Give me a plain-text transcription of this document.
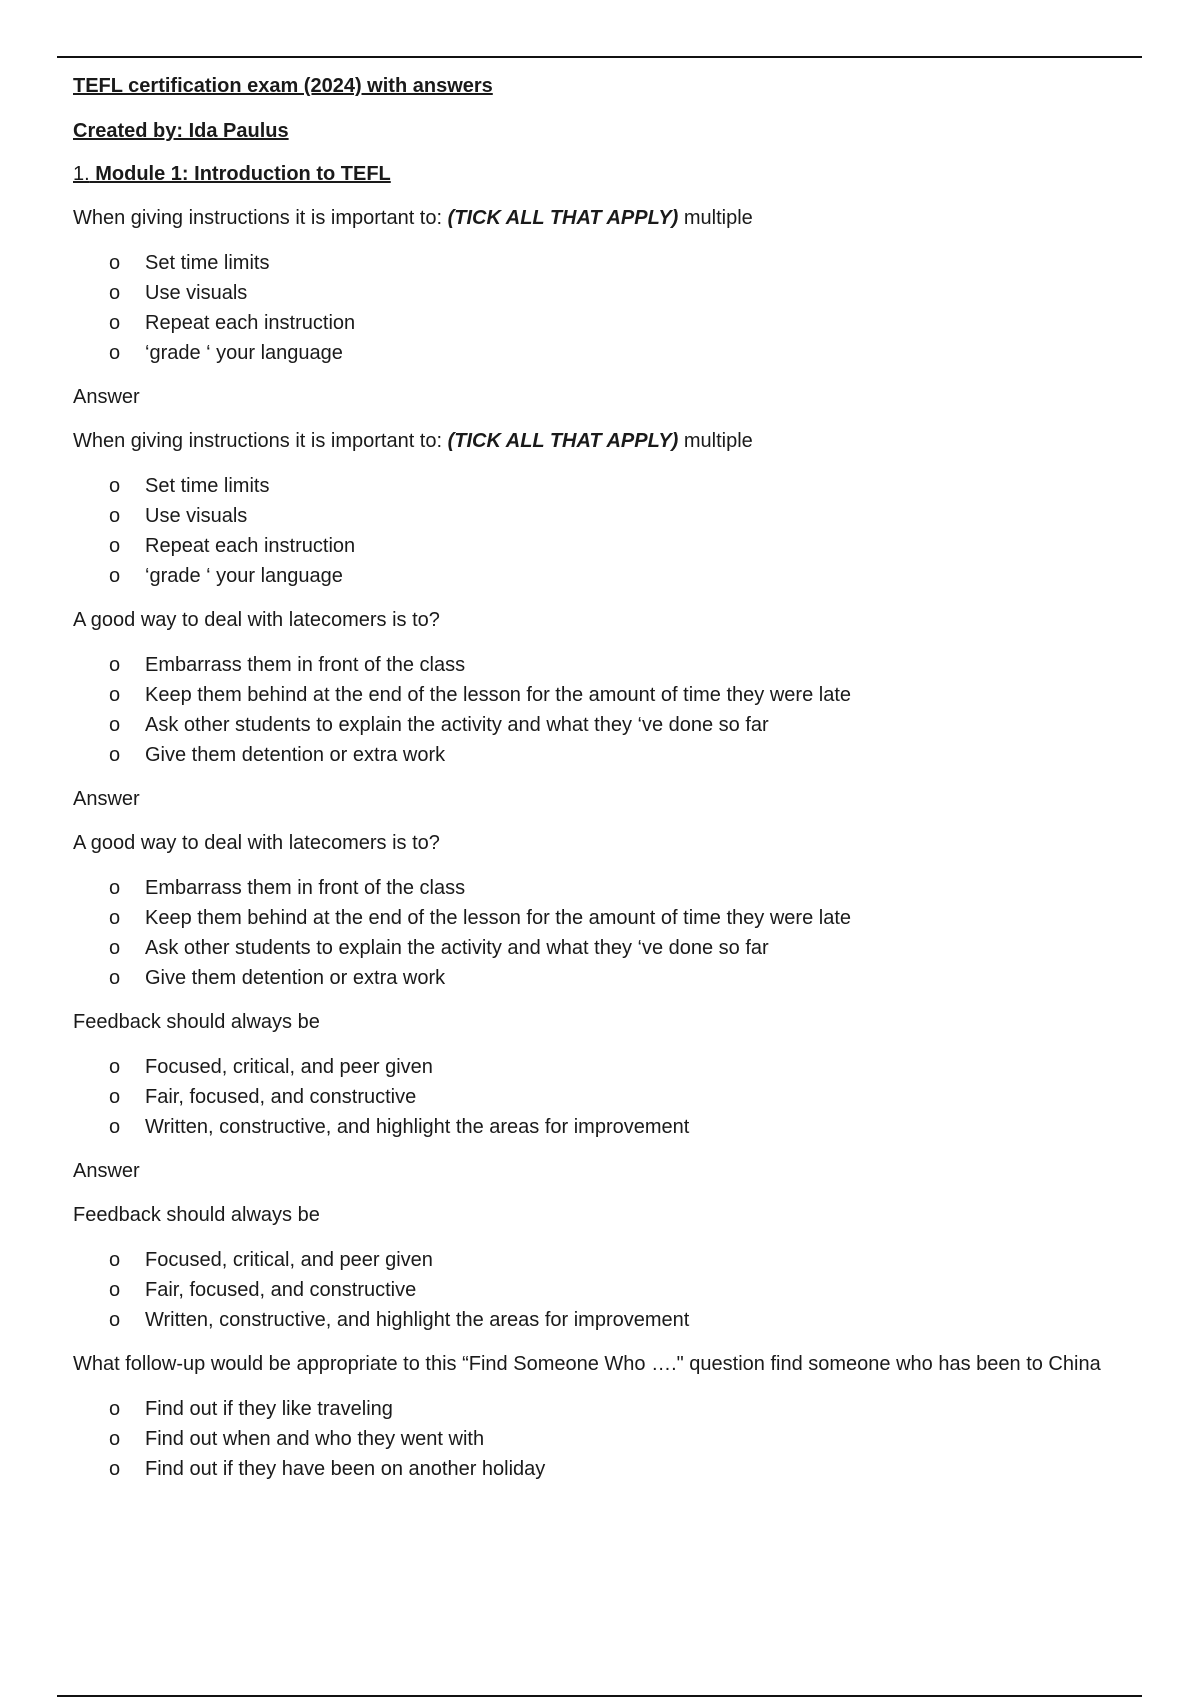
TEFL certification exam (2024) with answers

Created by: Ida Paulus

1. Module 1: Introduction to TEFL

When giving instructions it is important to: (TICK ALL THAT APPLY) multiple

o Set time limits
o Use visuals
o Repeat each instruction
o ‘grade ‘ your language

Answer

When giving instructions it is important to: (TICK ALL THAT APPLY) multiple

o Set time limits
o Use visuals
o Repeat each instruction
o ‘grade ‘ your language

A good way to deal with latecomers is to?

o Embarrass them in front of the class
o Keep them behind at the end of the lesson for the amount of time they were late
o Ask other students to explain the activity and what they ‘ve done so far
o Give them detention or extra work

Answer

A good way to deal with latecomers is to?

o Embarrass them in front of the class
o Keep them behind at the end of the lesson for the amount of time they were late
o Ask other students to explain the activity and what they ‘ve done so far
o Give them detention or extra work

Feedback should always be

o Focused, critical, and peer given
o Fair, focused, and constructive
o Written, constructive, and highlight the areas for improvement

Answer

Feedback should always be

o Focused, critical, and peer given
o Fair, focused, and constructive
o Written, constructive, and highlight the areas for improvement

What follow-up would be appropriate to this “Find Someone Who …." question find someone who has been to China

o Find out if they like traveling
o Find out when and who they went with
o Find out if they have been on another holiday
